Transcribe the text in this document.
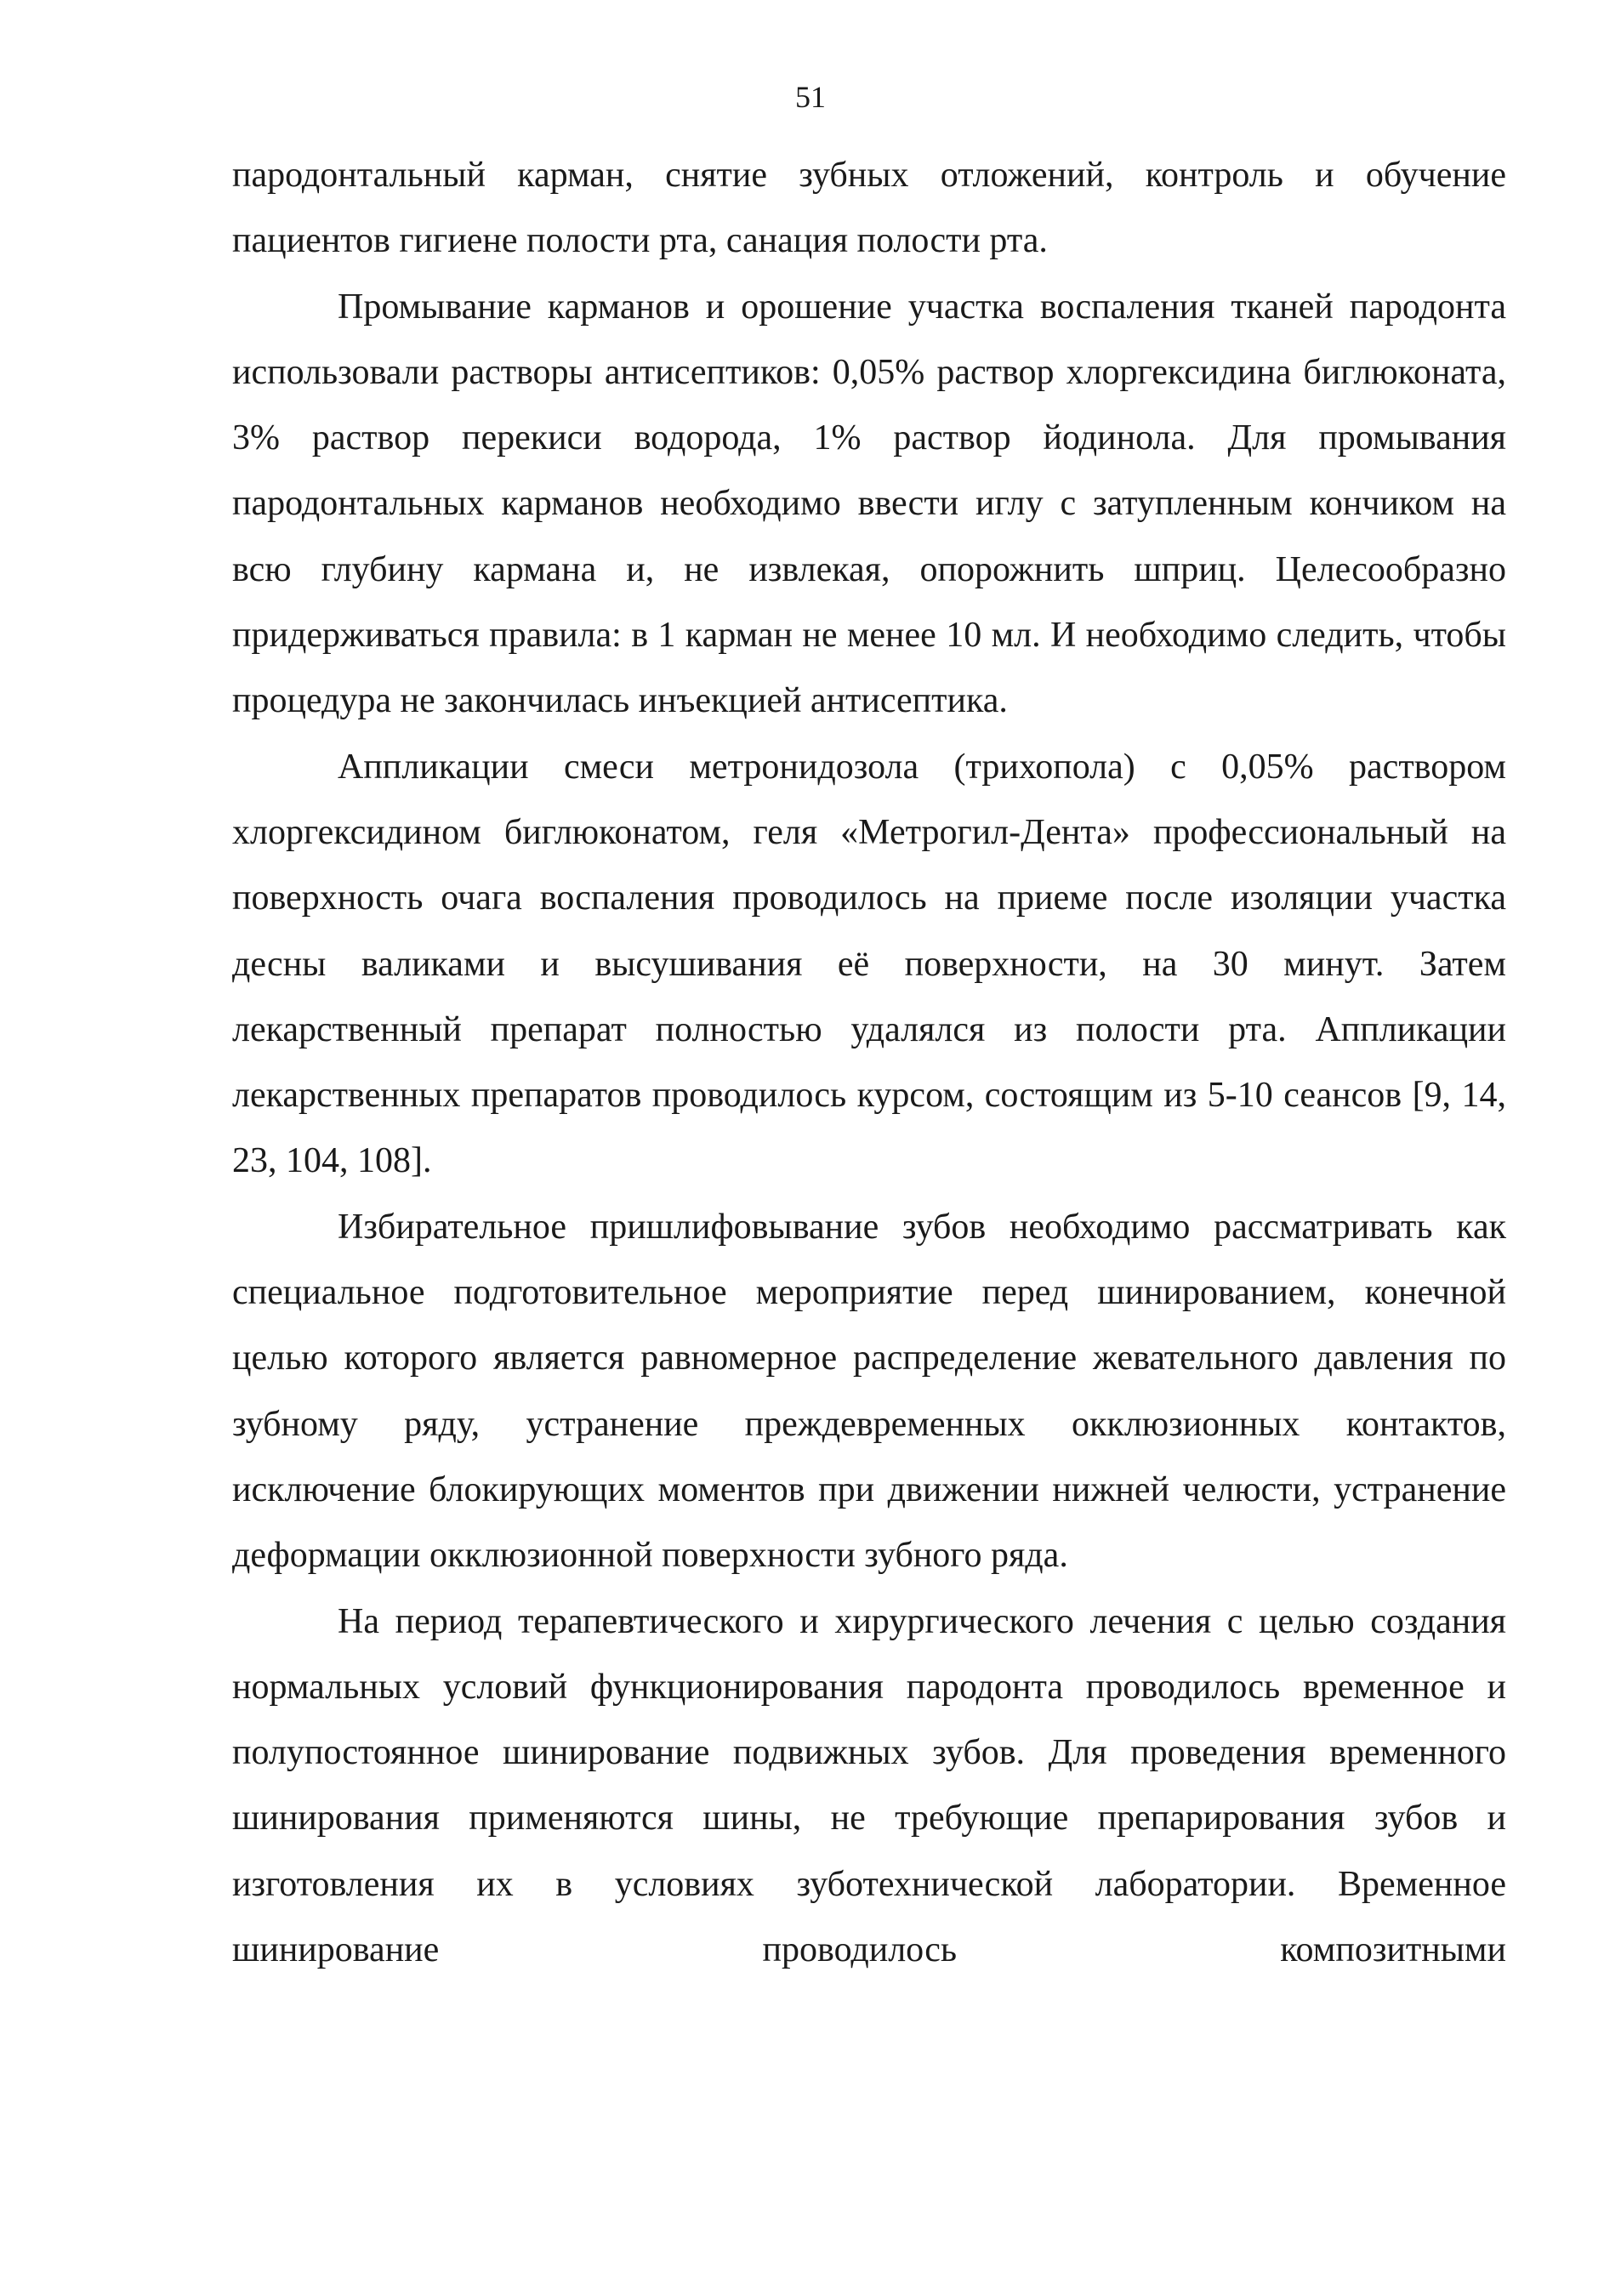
51

пародонтальный карман, снятие зубных отложений, контроль и обучение пациентов гигиене полости рта, санация полости рта.

Промывание карманов и орошение участка воспаления тканей пародонта использовали растворы антисептиков: 0,05% раствор хлоргексидина биглюконата, 3% раствор перекиси водорода, 1% раствор йодинола. Для промывания пародонтальных карманов необходимо ввести иглу с затупленным кончиком на всю глубину кармана и, не извлекая, опорожнить шприц. Целесообразно придерживаться правила: в 1 карман не менее 10 мл. И необходимо следить, чтобы процедура не закончилась инъекцией антисептика.

Аппликации смеси метронидозола (трихопола) с 0,05% раствором хлоргексидином биглюконатом, геля «Метрогил-Дента» профессиональный на поверхность очага воспаления проводилось на приеме после изоляции участка десны валиками и высушивания её поверхности, на 30 минут. Затем лекарственный препарат полностью удалялся из полости рта. Аппликации лекарственных препаратов проводилось курсом, состоящим из 5-10 сеансов [9, 14, 23, 104, 108].

Избирательное пришлифовывание зубов необходимо рассматривать как специальное подготовительное мероприятие перед шинированием, конечной целью которого является равномерное распределение жевательного давления по зубному ряду, устранение преждевременных окклюзионных контактов, исключение блокирующих моментов при движении нижней челюсти, устранение деформации окклюзионной поверхности зубного ряда.

На период терапевтического и хирургического лечения с целью создания нормальных условий функционирования пародонта проводилось временное и полупостоянное шинирование подвижных зубов. Для проведения временного шинирования применяются шины, не требующие препарирования зубов и изготовления их в условиях зуботехнической лаборатории. Временное шинирование проводилось композитными
